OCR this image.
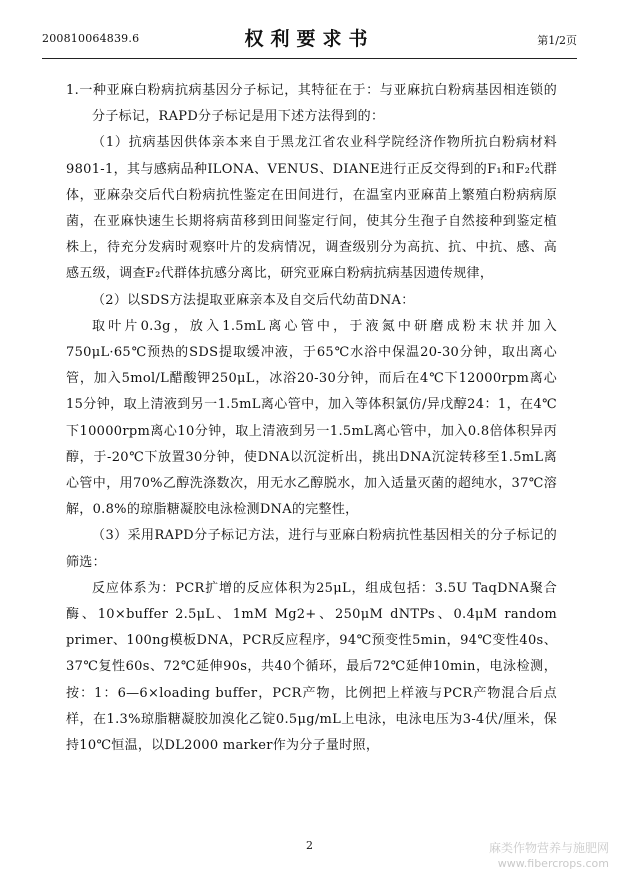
200810064839.6	权利要求书	第1/2页

1.一种亚麻白粉病抗病基因分子标记，其特征在于：与亚麻抗白粉病基因相连锁的分子标记，RAPD分子标记是用下述方法得到的：

（1）抗病基因供体亲本来自于黑龙江省农业科学院经济作物所抗白粉病材料9801-1，其与感病品种ILONA、VENUS、DIANE进行正反交得到的F₁和F₂代群体，亚麻杂交后代白粉病抗性鉴定在田间进行，在温室内亚麻苗上繁殖白粉病病原菌，在亚麻快速生长期将病苗移到田间鉴定行间，使其分生孢子自然接种到鉴定植株上，待充分发病时观察叶片的发病情况，调查级别分为高抗、抗、中抗、感、高感五级，调查F₂代群体抗感分离比，研究亚麻白粉病抗病基因遗传规律，

（2）以SDS方法提取亚麻亲本及自交后代幼苗DNA：

取叶片0.3g，放入1.5mL离心管中，于液氮中研磨成粉末状并加入750μL·65℃预热的SDS提取缓冲液，于65℃水浴中保温20-30分钟，取出离心管，加入5mol/L醋酸钾250μL，冰浴20-30分钟，而后在4℃下12000rpm离心15分钟，取上清液到另一1.5mL离心管中，加入等体积氯仿/异戊醇24：1，在4℃下10000rpm离心10分钟，取上清液到另一1.5mL离心管中，加入0.8倍体积异丙醇，于-20℃下放置30分钟，使DNA以沉淀析出，挑出DNA沉淀转移至1.5mL离心管中，用70%乙醇洗涤数次，用无水乙醇脱水，加入适量灭菌的超纯水，37℃溶解，0.8%的琼脂糖凝胶电泳检测DNA的完整性，

（3）采用RAPD分子标记方法，进行与亚麻白粉病抗性基因相关的分子标记的筛选：

反应体系为：PCR扩增的反应体积为25μL，组成包括：3.5U TaqDNA聚合酶、10×buffer 2.5μL、1mM Mg2+、250μM dNTPs、0.4μM random primer、100ng模板DNA，PCR反应程序，94℃预变性5min，94℃变性40s、37℃复性60s、72℃延伸90s，共40个循环，最后72℃延伸10min，电泳检测，按：1：6—6×loading buffer，PCR产物，比例把上样液与PCR产物混合后点样，在1.3%琼脂糖凝胶加溴化乙锭0.5μg/mL上电泳，电泳电压为3-4伏/厘米，保持10℃恒温，以DL2000 marker作为分子量时照，

2	麻类作物营养与施肥网
www.fibercrops.com
